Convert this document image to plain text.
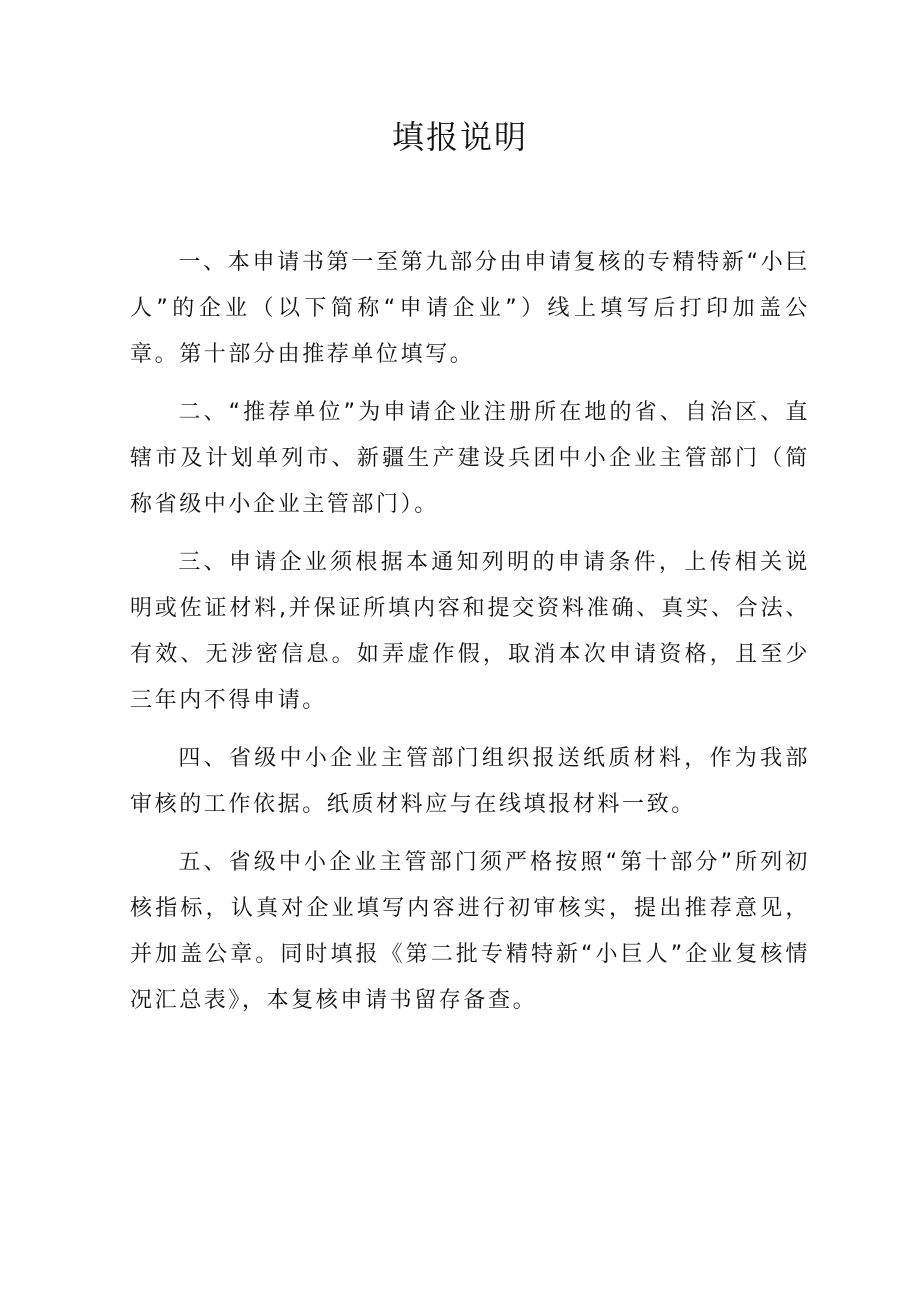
填报说明

一、本申请书第一至第九部分由申请复核的专精特新“小巨人”的企业（以下简称“申请企业”）线上填写后打印加盖公章。第十部分由推荐单位填写。

二、“推荐单位”为申请企业注册所在地的省、自治区、直辖市及计划单列市、新疆生产建设兵团中小企业主管部门（简称省级中小企业主管部门）。

三、申请企业须根据本通知列明的申请条件，上传相关说明或佐证材料,并保证所填内容和提交资料准确、真实、合法、有效、无涉密信息。如弄虚作假，取消本次申请资格，且至少三年内不得申请。

四、省级中小企业主管部门组织报送纸质材料，作为我部审核的工作依据。纸质材料应与在线填报材料一致。

五、省级中小企业主管部门须严格按照“第十部分”所列初核指标，认真对企业填写内容进行初审核实，提出推荐意见，并加盖公章。同时填报《第二批专精特新“小巨人”企业复核情况汇总表》，本复核申请书留存备查。
